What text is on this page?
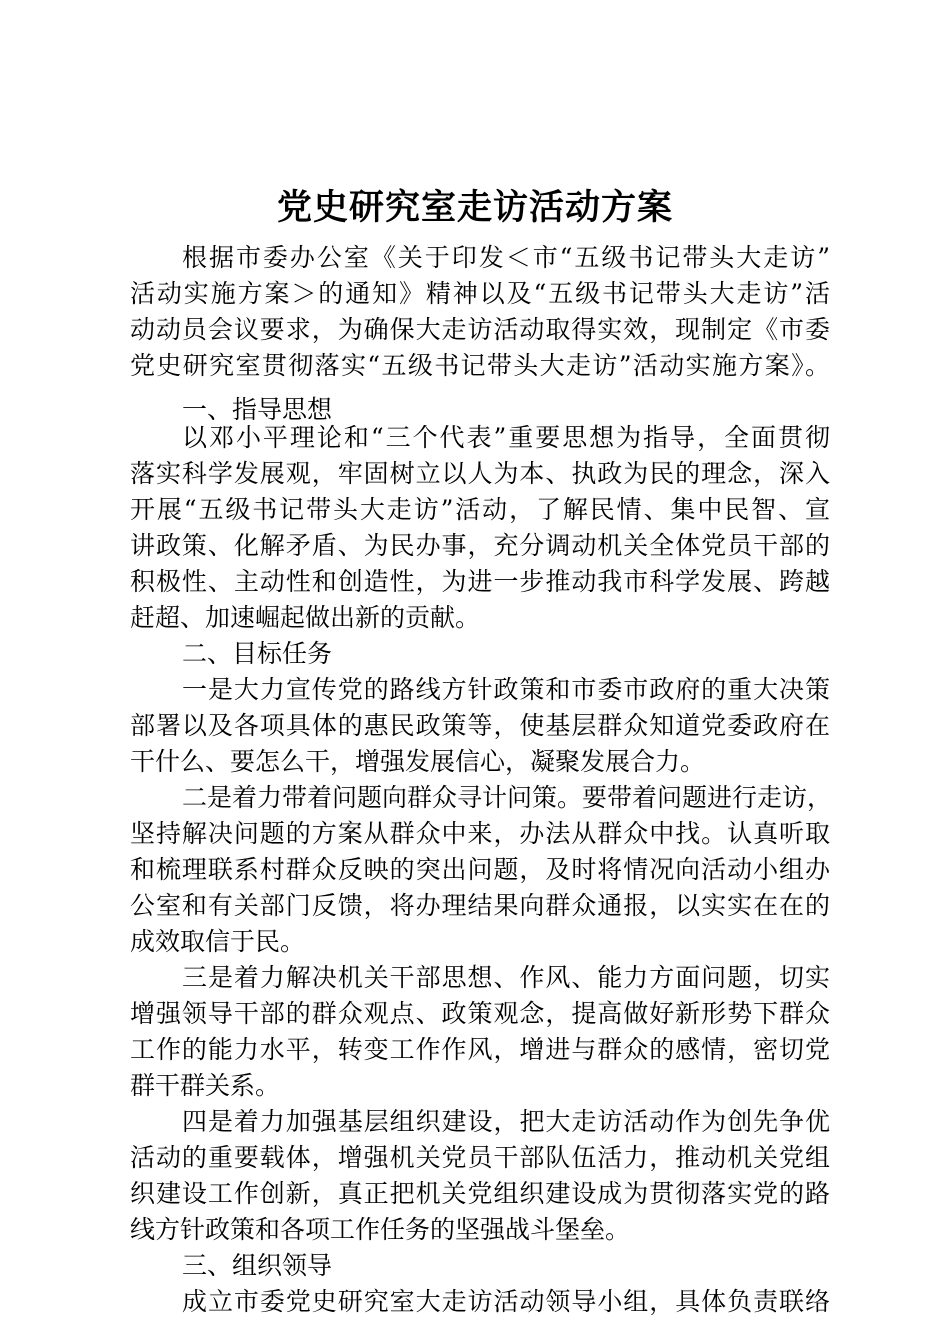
党史研究室走访活动方案

根据市委办公室《关于印发＜市“五级书记带头大走访”

活动实施方案＞的通知》精神以及“五级书记带头大走访”活

动动员会议要求，为确保大走访活动取得实效，现制定《市委

党史研究室贯彻落实“五级书记带头大走访”活动实施方案》。

一、指导思想

以邓小平理论和“三个代表”重要思想为指导，全面贯彻

落实科学发展观，牢固树立以人为本、执政为民的理念，深入

开展“五级书记带头大走访”活动，了解民情、集中民智、宣

讲政策、化解矛盾、为民办事，充分调动机关全体党员干部的

积极性、主动性和创造性，为进一步推动我市科学发展、跨越

赶超、加速崛起做出新的贡献。

二、目标任务

一是大力宣传党的路线方针政策和市委市政府的重大决策

部署以及各项具体的惠民政策等，使基层群众知道党委政府在

干什么、要怎么干，增强发展信心，凝聚发展合力。

二是着力带着问题向群众寻计问策。要带着问题进行走访，

坚持解决问题的方案从群众中来，办法从群众中找。认真听取

和梳理联系村群众反映的突出问题，及时将情况向活动小组办

公室和有关部门反馈，将办理结果向群众通报，以实实在在的

成效取信于民。

三是着力解决机关干部思想、作风、能力方面问题，切实

增强领导干部的群众观点、政策观念，提高做好新形势下群众

工作的能力水平，转变工作作风，增进与群众的感情，密切党

群干群关系。

四是着力加强基层组织建设，把大走访活动作为创先争优

活动的重要载体，增强机关党员干部队伍活力，推动机关党组

织建设工作创新，真正把机关党组织建设成为贯彻落实党的路

线方针政策和各项工作任务的坚强战斗堡垒。

三、组织领导

成立市委党史研究室大走访活动领导小组，具体负责联络
